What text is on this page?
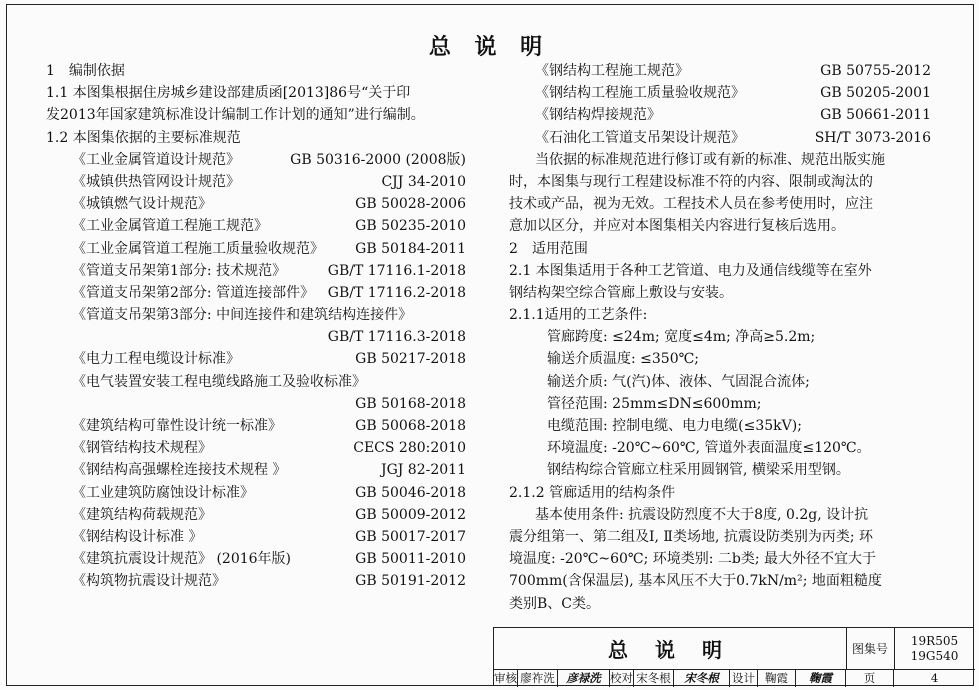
总 说 明
1　编制依据
1.1 本图集根据住房城乡建设部建质函[2013]86号“关于印
发2013年国家建筑标准设计编制工作计划的通知”进行编制。
1.2 本图集依据的主要标准规范
《工业金属管道设计规范》	GB 50316-2000 (2008版)
《城镇供热管网设计规范》	CJJ 34-2010
《城镇燃气设计规范》	GB 50028-2006
《工业金属管道工程施工规范》	GB 50235-2010
《工业金属管道工程施工质量验收规范》 GB 50184-2011
《管道支吊架第1部分: 技术规范》	GB/T 17116.1-2018
《管道支吊架第2部分: 管道连接部件》 GB/T 17116.2-2018
《管道支吊架第3部分: 中间连接件和建筑结构连接件》
GB/T 17116.3-2018
《电力工程电缆设计标准》	GB 50217-2018
《电气装置安装工程电缆线路施工及验收标准》
GB 50168-2018
《建筑结构可靠性设计统一标准》	GB 50068-2018
《钢管结构技术规程》	CECS 280:2010
《钢结构高强螺栓连接技术规程 》	JGJ 82-2011
《工业建筑防腐蚀设计标准》	GB 50046-2018
《建筑结构荷载规范》	GB 50009-2012
《钢结构设计标准 》	GB 50017-2017
《建筑抗震设计规范》 (2016年版)	GB 50011-2010
《构筑物抗震设计规范》	GB 50191-2012
《钢结构工程施工规范》	GB 50755-2012
《钢结构工程施工质量验收规范》	GB 50205-2001
《钢结构焊接规范》	GB 50661-2011
《石油化工管道支吊架设计规范》	SH/T 3073-2016
当依据的标准规范进行修订或有新的标准、规范出版实施
时，本图集与现行工程建设标准不符的内容、限制或淘汰的
技术或产品，视为无效。工程技术人员在参考使用时，应注
意加以区分，并应对本图集相关内容进行复核后选用。
2　适用范围
2.1 本图集适用于各种工艺管道、电力及通信线缆等在室外
钢结构架空综合管廊上敷设与安装。
2.1.1适用的工艺条件:
管廊跨度: ≤24m; 宽度≤4m; 净高≥5.2m;
输送介质温度: ≤350℃;
输送介质: 气(汽)体、液体、气固混合流体;
管径范围: 25mm≤DN≤600mm;
电缆范围: 控制电缆、电力电缆(≤35kV);
环境温度: -20℃~60℃, 管道外表面温度≤120℃。
钢结构综合管廊立柱采用圆钢管, 横梁采用型钢。
2.1.2 管廊适用的结构条件
基本使用条件: 抗震设防烈度不大于8度, 0.2g, 设计抗
震分组第一、第二组及Ⅰ, Ⅱ类场地, 抗震设防类别为丙类; 环
境温度: -20℃~60℃; 环境类别: 二b类; 最大外径不宜大于
700mm(含保温层), 基本风压不大于0.7kN/m²; 地面粗糙度
类别B、C类。
总 说 明	图集号
19R505
19G540
审核 廖祚洗	彦禄洗 校对 宋冬根	宋冬根	设计 鞠霞	鞠霞	页	4
